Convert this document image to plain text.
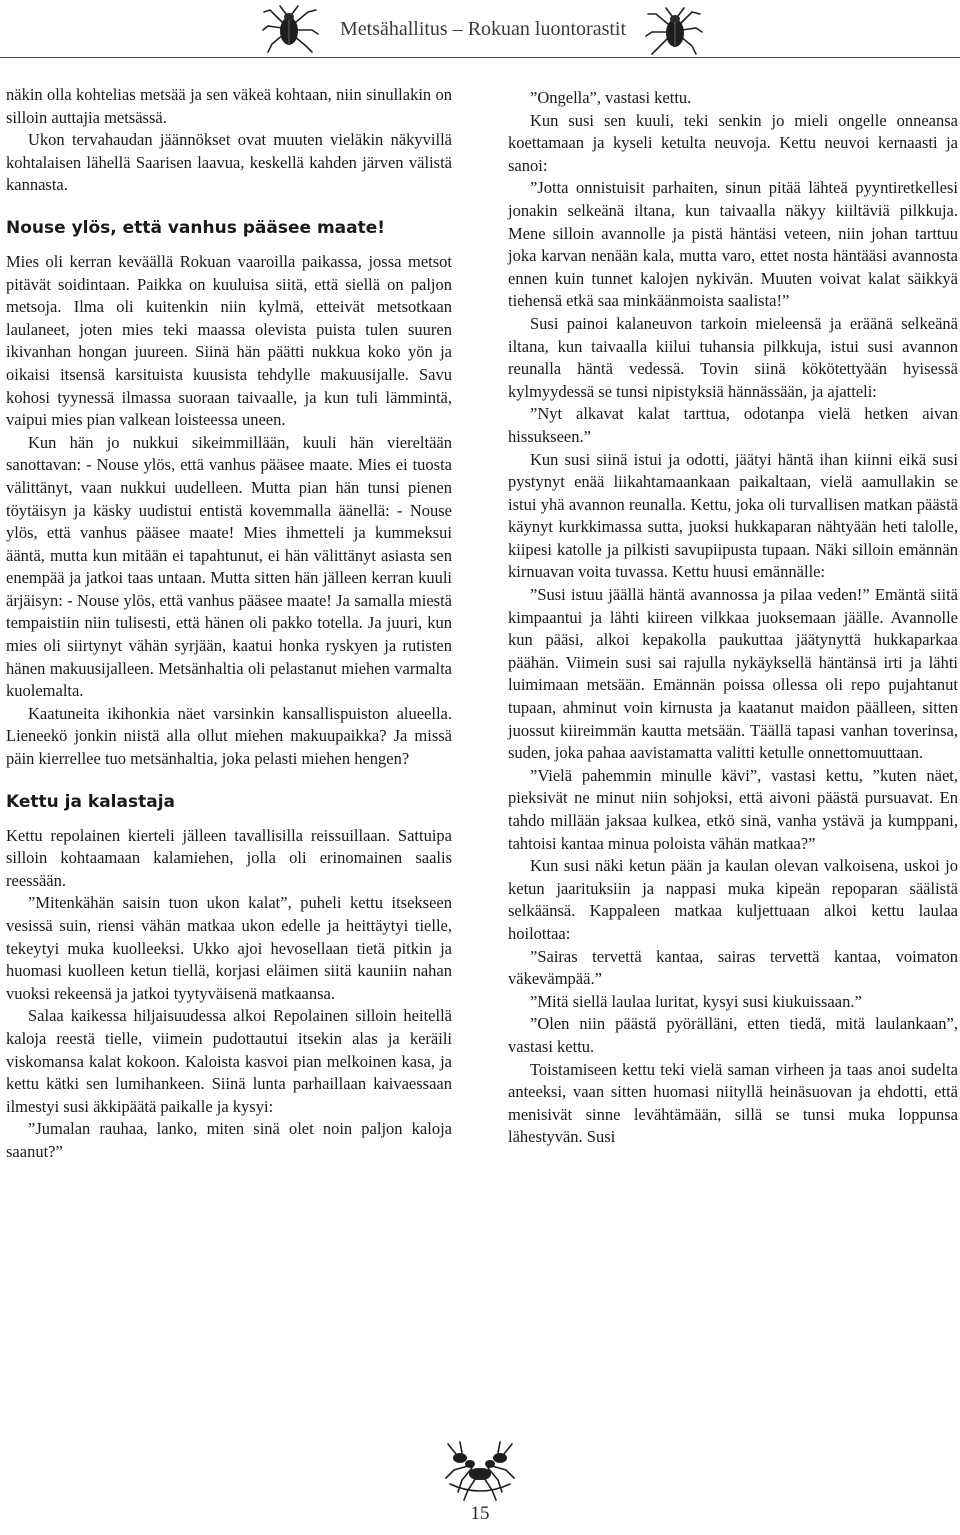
Metsähallitus – Rokuan luontorastit

näkin olla kohtelias metsää ja sen väkeä kohtaan, niin sinullakin on silloin auttajia metsässä.

Ukon tervahaudan jäännökset ovat muuten vieläkin näkyvillä kohtalaisen lähellä Saarisen laavua, keskellä kahden järven välistä kannasta.

Nouse ylös, että vanhus pääsee maate!

Mies oli kerran keväällä Rokuan vaaroilla paikassa, jossa metsot pitävät soidintaan. Paikka on kuuluisa siitä, että siellä on paljon metsoja. Ilma oli kuitenkin niin kylmä, etteivät metsotkaan laulaneet, joten mies teki maassa olevista puista tulen suuren ikivanhan hongan juureen. Siinä hän päätti nukkua koko yön ja oikaisi itsensä karsituista kuusista tehdylle makuusijalle. Savu kohosi tyynessä ilmassa suoraan taivaalle, ja kun tuli lämmintä, vaipui mies pian valkean loisteessa uneen.

Kun hän jo nukkui sikeimmillään, kuuli hän viereltään sanottavan: - Nouse ylös, että vanhus pääsee maate. Mies ei tuosta välittänyt, vaan nukkui uudelleen. Mutta pian hän tunsi pienen töytäisyn ja käsky uudistui entistä kovemmalla äänellä: - Nouse ylös, että vanhus pääsee maate! Mies ihmetteli ja kummeksui ääntä, mutta kun mitään ei tapahtunut, ei hän välittänyt asiasta sen enempää ja jatkoi taas untaan. Mutta sitten hän jälleen kerran kuuli ärjäisyn: - Nouse ylös, että vanhus pääsee maate! Ja samalla miestä tempaistiin niin tulisesti, että hänen oli pakko totella. Ja juuri, kun mies oli siirtynyt vähän syrjään, kaatui honka ryskyen ja rutisten hänen makuusijalleen. Metsänhaltia oli pelastanut miehen varmalta kuolemalta.

Kaatuneita ikihonkia näet varsinkin kansallispuiston alueella. Lieneekö jonkin niistä alla ollut miehen makuupaikka? Ja missä päin kierrellee tuo metsänhaltia, joka pelasti miehen hengen?

Kettu ja kalastaja

Kettu repolainen kierteli jälleen tavallisilla reissuillaan. Sattuipa silloin kohtaamaan kalamiehen, jolla oli erinomainen saalis reessään.

”Mitenkähän saisin tuon ukon kalat”, puheli kettu itsekseen vesissä suin, riensi vähän matkaa ukon edelle ja heittäytyi tielle, tekeytyi muka kuolleeksi. Ukko ajoi hevosellaan tietä pitkin ja huomasi kuolleen ketun tiellä, korjasi eläimen siitä kauniin nahan vuoksi rekeensä ja jatkoi tyytyväisenä matkaansa.

Salaa kaikessa hiljaisuudessa alkoi Repolainen silloin heitellä kaloja reestä tielle, viimein pudottautui itsekin alas ja keräili viskomansa kalat kokoon. Kaloista kasvoi pian melkoinen kasa, ja kettu kätki sen lumihankeen. Siinä lunta parhaillaan kaivaessaan ilmestyi susi äkkipäätä paikalle ja kysyi:

”Jumalan rauhaa, lanko, miten sinä olet noin paljon kaloja saanut?”

”Ongella”, vastasi kettu.

Kun susi sen kuuli, teki senkin jo mieli ongelle onneansa koettamaan ja kyseli ketulta neuvoja. Kettu neuvoi kernaasti ja sanoi:

”Jotta onnistuisit parhaiten, sinun pitää lähteä pyyntiretkellesi jonakin selkeänä iltana, kun taivaalla näkyy kiiltäviä pilkkuja. Mene silloin avannolle ja pistä häntäsi veteen, niin johan tarttuu joka karvan nenään kala, mutta varo, ettet nosta häntääsi avannosta ennen kuin tunnet kalojen nykivän. Muuten voivat kalat säikkyä tiehensä etkä saa minkäänmoista saalista!”

Susi painoi kalaneuvon tarkoin mieleensä ja eräänä selkeänä iltana, kun taivaalla kiilui tuhansia pilkkuja, istui susi avannon reunalla häntä vedessä. Tovin siinä kökötettyään hyisessä kylmyydessä se tunsi nipistyksiä hännässään, ja ajatteli:

”Nyt alkavat kalat tarttua, odotanpa vielä hetken aivan hissukseen.”

Kun susi siinä istui ja odotti, jäätyi häntä ihan kiinni eikä susi pystynyt enää liikahtamaankaan paikaltaan, vielä aamullakin se istui yhä avannon reunalla. Kettu, joka oli turvallisen matkan päästä käynyt kurkkimassa sutta, juoksi hukkaparan nähtyään heti talolle, kiipesi katolle ja pilkisti savupiipusta tupaan. Näki silloin emännän kirnuavan voita tuvassa. Kettu huusi emännälle:

”Susi istuu jäällä häntä avannossa ja pilaa veden!” Emäntä siitä kimpaantui ja lähti kiireen vilkkaa juoksemaan jäälle. Avannolle kun pääsi, alkoi kepakolla paukuttaa jäätynyttä hukkaparkaa päähän. Viimein susi sai rajulla nykäyksellä häntänsä irti ja lähti luimimaan metsään. Emännän poissa ollessa oli repo pujahtanut tupaan, ahminut voin kirnusta ja kaatanut maidon päälleen, sitten juossut kiireimmän kautta metsään. Täällä tapasi vanhan toverinsa, suden, joka pahaa aavistamatta valitti ketulle onnettomuuttaan.

”Vielä pahemmin minulle kävi”, vastasi kettu, ”kuten näet, pieksivät ne minut niin sohjoksi, että aivoni päästä pursuavat. En tahdo millään jaksaa kulkea, etkö sinä, vanha ystävä ja kumppani, tahtoisi kantaa minua poloista vähän matkaa?”

Kun susi näki ketun pään ja kaulan olevan valkoisena, uskoi jo ketun jaarituksiin ja nappasi muka kipeän repoparan säälistä selkäänsä. Kappaleen matkaa kuljettuaan alkoi kettu laulaa hoilottaa:

”Sairas tervettä kantaa, sairas tervettä kantaa, voimaton väkevämpää.”

”Mitä siellä laulaa luritat, kysyi susi kiukuissaan.”

”Olen niin päästä pyörälläni, etten tiedä, mitä laulankaan”, vastasi kettu.

Toistamiseen kettu teki vielä saman virheen ja taas anoi sudelta anteeksi, vaan sitten huomasi niityllä heinäsuovan ja ehdotti, että menisivät sinne levähtämään, sillä se tunsi muka loppunsa lähestyvän. Susi

15
